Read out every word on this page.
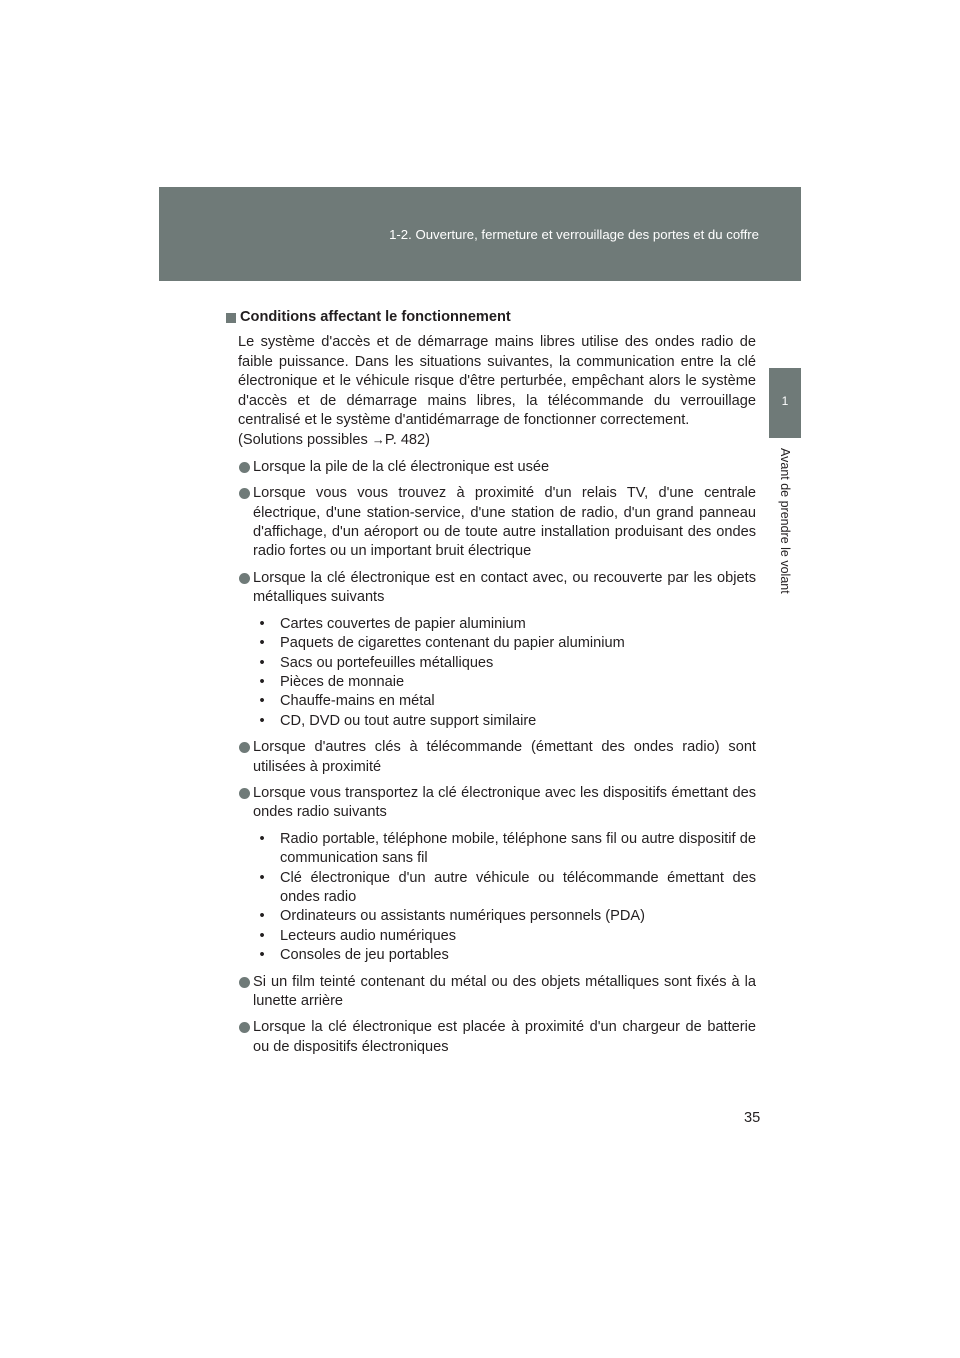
1-2. Ouverture, fermeture et verrouillage des portes et du coffre
1
Avant de prendre le volant
Conditions affectant le fonctionnement
Le système d'accès et de démarrage mains libres utilise des ondes radio de faible puissance. Dans les situations suivantes, la communication entre la clé électronique et le véhicule risque d'être perturbée, empêchant alors le système d'accès et de démarrage mains libres, la télécommande du verrouillage centralisé et le système d'antidémarrage de fonctionner correctement.
(Solutions possibles →P. 482)
Lorsque la pile de la clé électronique est usée
Lorsque vous vous trouvez à proximité d'un relais TV, d'une centrale électrique, d'une station-service, d'une station de radio, d'un grand panneau d'affichage, d'un aéroport ou de toute autre installation produisant des ondes radio fortes ou un important bruit électrique
Lorsque la clé électronique est en contact avec, ou recouverte par les objets métalliques suivants
•	Cartes couvertes de papier aluminium
•	Paquets de cigarettes contenant du papier aluminium
•	Sacs ou portefeuilles métalliques
•	Pièces de monnaie
•	Chauffe-mains en métal
•	CD, DVD ou tout autre support similaire
Lorsque d'autres clés à télécommande (émettant des ondes radio) sont utilisées à proximité
Lorsque vous transportez la clé électronique avec les dispositifs émettant des ondes radio suivants
•	Radio portable, téléphone mobile, téléphone sans fil ou autre dispositif de communication sans fil
•	Clé électronique d'un autre véhicule ou télécommande émettant des ondes radio
•	Ordinateurs ou assistants numériques personnels (PDA)
•	Lecteurs audio numériques
•	Consoles de jeu portables
Si un film teinté contenant du métal ou des objets métalliques sont fixés à la lunette arrière
Lorsque la clé électronique est placée à proximité d'un chargeur de batterie ou de dispositifs électroniques
35
